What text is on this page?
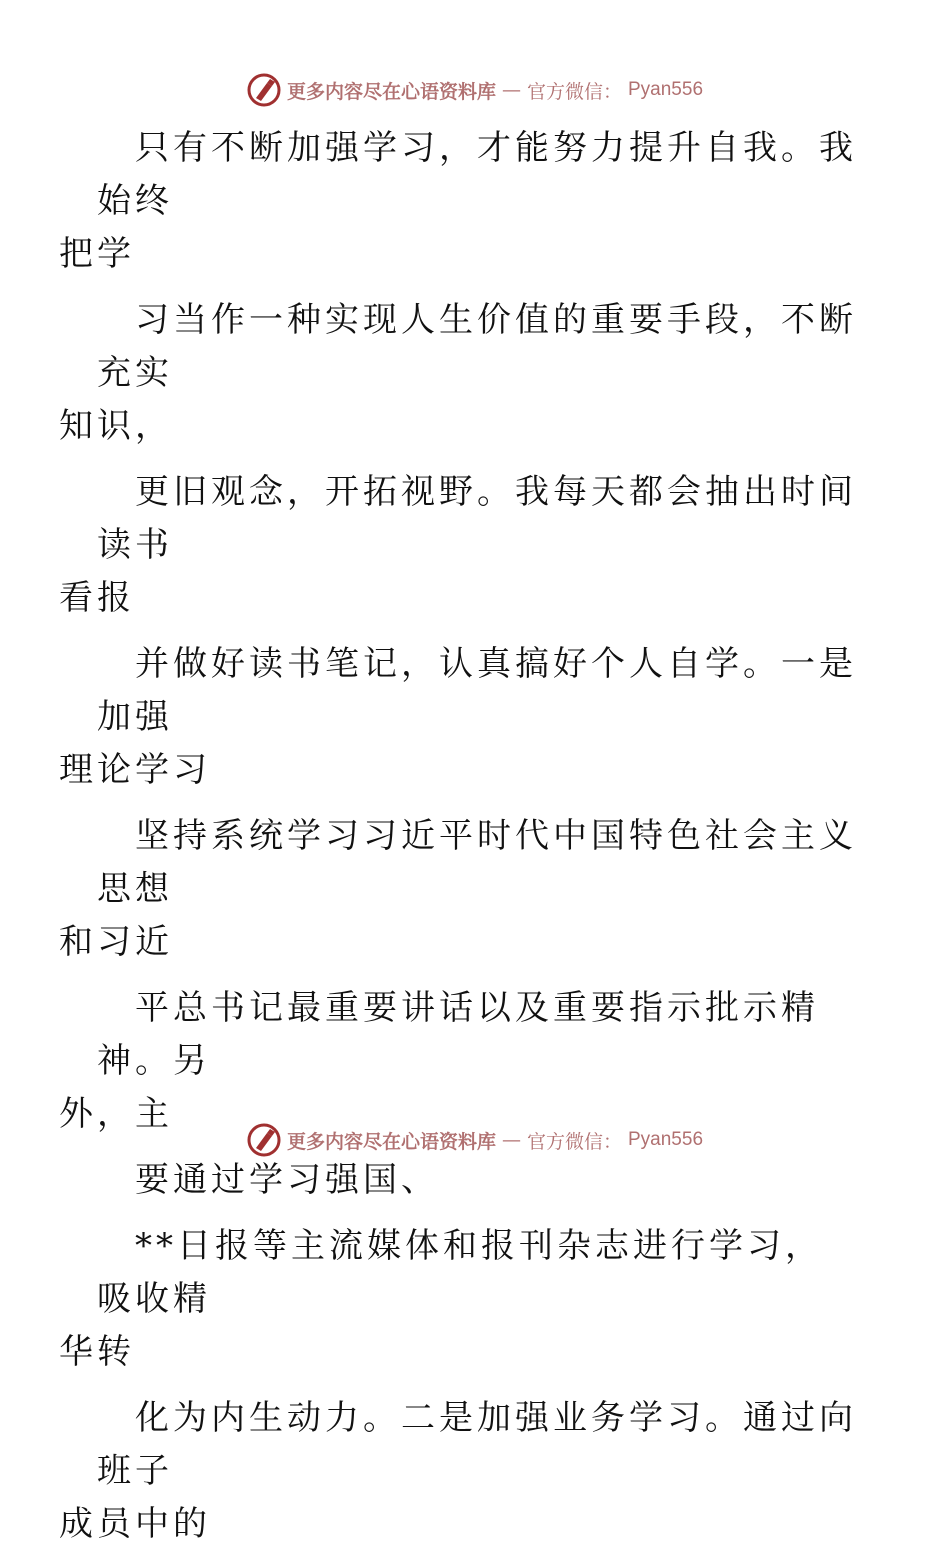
更多内容尽在心语资料库 — 官方微信： Pyan556

只有不断加强学习，才能努力提升自我。我始终
把学

习当作一种实现人生价值的重要手段，不断充实
知识，

更旧观念，开拓视野。我每天都会抽出时间读书
看报

并做好读书笔记，认真搞好个人自学。一是加强
理论学习

坚持系统学习习近平时代中国特色社会主义思想
和习近

平总书记最重要讲话以及重要指示批示精神。另
外，主

要通过学习强国、

**日报等主流媒体和报刊杂志进行学习，吸收精
华转

化为内生动力。二是加强业务学习。通过向班子
成员中的

更多内容尽在心语资料库 — 官方微信： Pyan556
